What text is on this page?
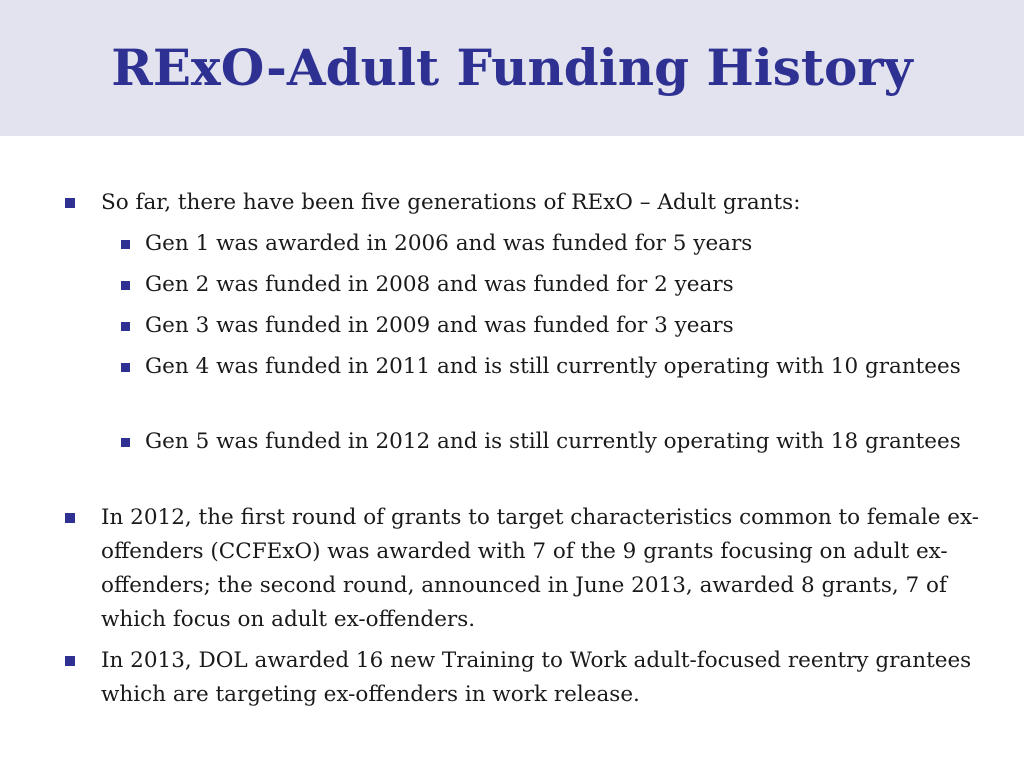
RExO-Adult Funding History
So far, there have been five generations of RExO – Adult grants:
Gen 1 was awarded in 2006 and was funded for 5 years
Gen 2 was funded in 2008 and was funded for 2 years
Gen 3 was funded in 2009 and was funded for 3 years
Gen 4 was funded in 2011 and is still currently operating with 10 grantees
Gen 5 was funded in 2012 and is still currently operating with 18 grantees
In 2012, the first round of grants to target characteristics common to female ex-offenders (CCFExO) was awarded with 7 of the 9 grants focusing on adult ex-offenders; the second round, announced in June 2013, awarded 8 grants, 7 of which focus on adult ex-offenders.
In 2013, DOL awarded 16 new Training to Work adult-focused reentry grantees which are targeting ex-offenders in work release.
